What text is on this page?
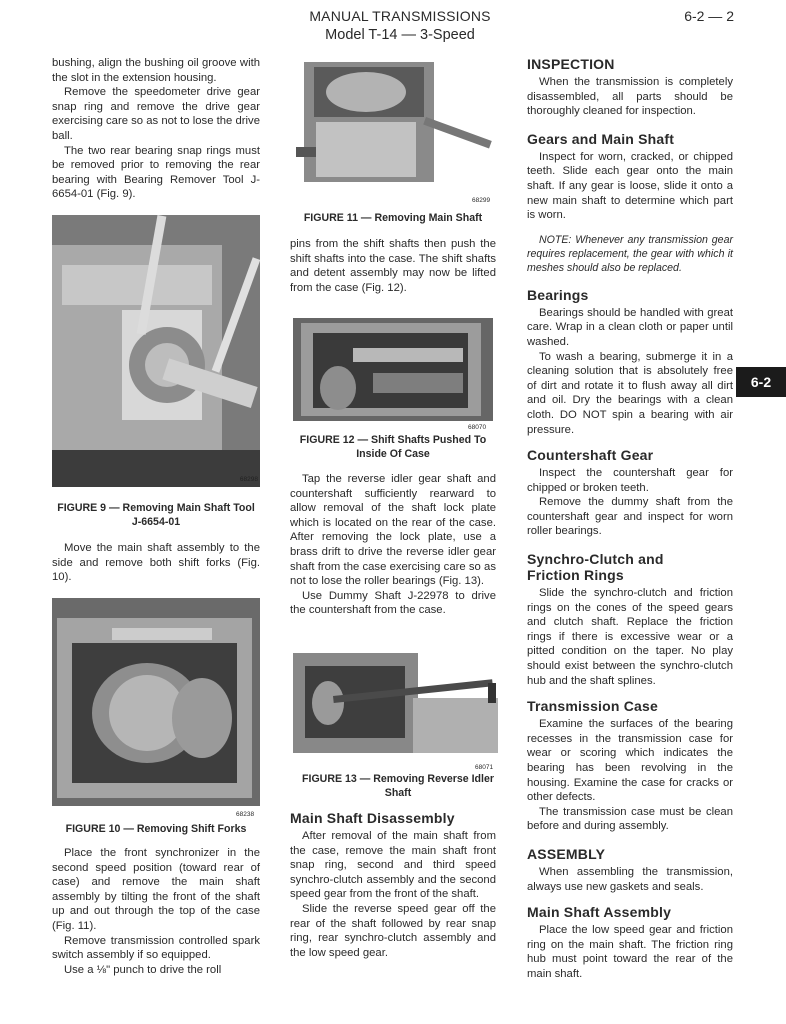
MANUAL TRANSMISSIONS
Model T-14 — 3-Speed
6-2 — 2
6-2

bushing, align the bushing oil groove with the slot in the extension housing.

Remove the speedometer drive gear snap ring and remove the drive gear exercising care so as not to lose the drive ball.

The two rear bearing snap rings must be removed prior to removing the rear bearing with Bearing Remover Tool J-6654-01 (Fig. 9).

68298
FIGURE 9 — Removing Main Shaft Tool J-6654-01

Move the main shaft assembly to the side and remove both shift forks (Fig. 10).

68238
FIGURE 10 — Removing Shift Forks

Place the front synchronizer in the second speed position (toward rear of case) and remove the main shaft assembly by tilting the front of the shaft up and out through the top of the case (Fig. 11).

Remove transmission controlled spark switch assembly if so equipped.

Use a ⅛" punch to drive the roll

68299
FIGURE 11 — Removing Main Shaft

pins from the shift shafts then push the shift shafts into the case. The shift shafts and detent assembly may now be lifted from the case (Fig. 12).

68070
FIGURE 12 — Shift Shafts Pushed To Inside Of Case

Tap the reverse idler gear shaft and countershaft sufficiently rearward to allow removal of the shaft lock plate which is located on the rear of the case. After removing the lock plate, use a brass drift to drive the reverse idler gear shaft from the case exercising care so as not to lose the roller bearings (Fig. 13).

Use Dummy Shaft J-22978 to drive the countershaft from the case.

68071
FIGURE 13 — Removing Reverse Idler Shaft
Main Shaft Disassembly

After removal of the main shaft from the case, remove the main shaft front snap ring, second and third speed synchro-clutch assembly and the second speed gear from the front of the shaft.

Slide the reverse speed gear off the rear of the shaft followed by rear snap ring, rear synchro-clutch assembly and the low speed gear.

INSPECTION

When the transmission is completely disassembled, all parts should be thoroughly cleaned for inspection.

Gears and Main Shaft

Inspect for worn, cracked, or chipped teeth. Slide each gear onto the main shaft. If any gear is loose, slide it onto a new main shaft to determine which part is worn.

NOTE: Whenever any transmission gear requires replacement, the gear with which it meshes should also be replaced.

Bearings

Bearings should be handled with great care. Wrap in a clean cloth or paper until washed.

To wash a bearing, submerge it in a cleaning solution that is absolutely free of dirt and rotate it to flush away all dirt and oil. Dry the bearings with a clean cloth. DO NOT spin a bearing with air pressure.

Countershaft Gear

Inspect the countershaft gear for chipped or broken teeth.

Remove the dummy shaft from the countershaft gear and inspect for worn roller bearings.

Synchro-Clutch and Friction Rings

Slide the synchro-clutch and friction rings on the cones of the speed gears and clutch shaft. Replace the friction rings if there is excessive wear or a pitted condition on the taper. No play should exist between the synchro-clutch hub and the shaft splines.

Transmission Case

Examine the surfaces of the bearing recesses in the transmission case for wear or scoring which indicates the bearing has been revolving in the housing. Examine the case for cracks or other defects.

The transmission case must be clean before and during assembly.

ASSEMBLY

When assembling the transmission, always use new gaskets and seals.

Main Shaft Assembly

Place the low speed gear and friction ring on the main shaft. The friction ring hub must point toward the rear of the main shaft.
